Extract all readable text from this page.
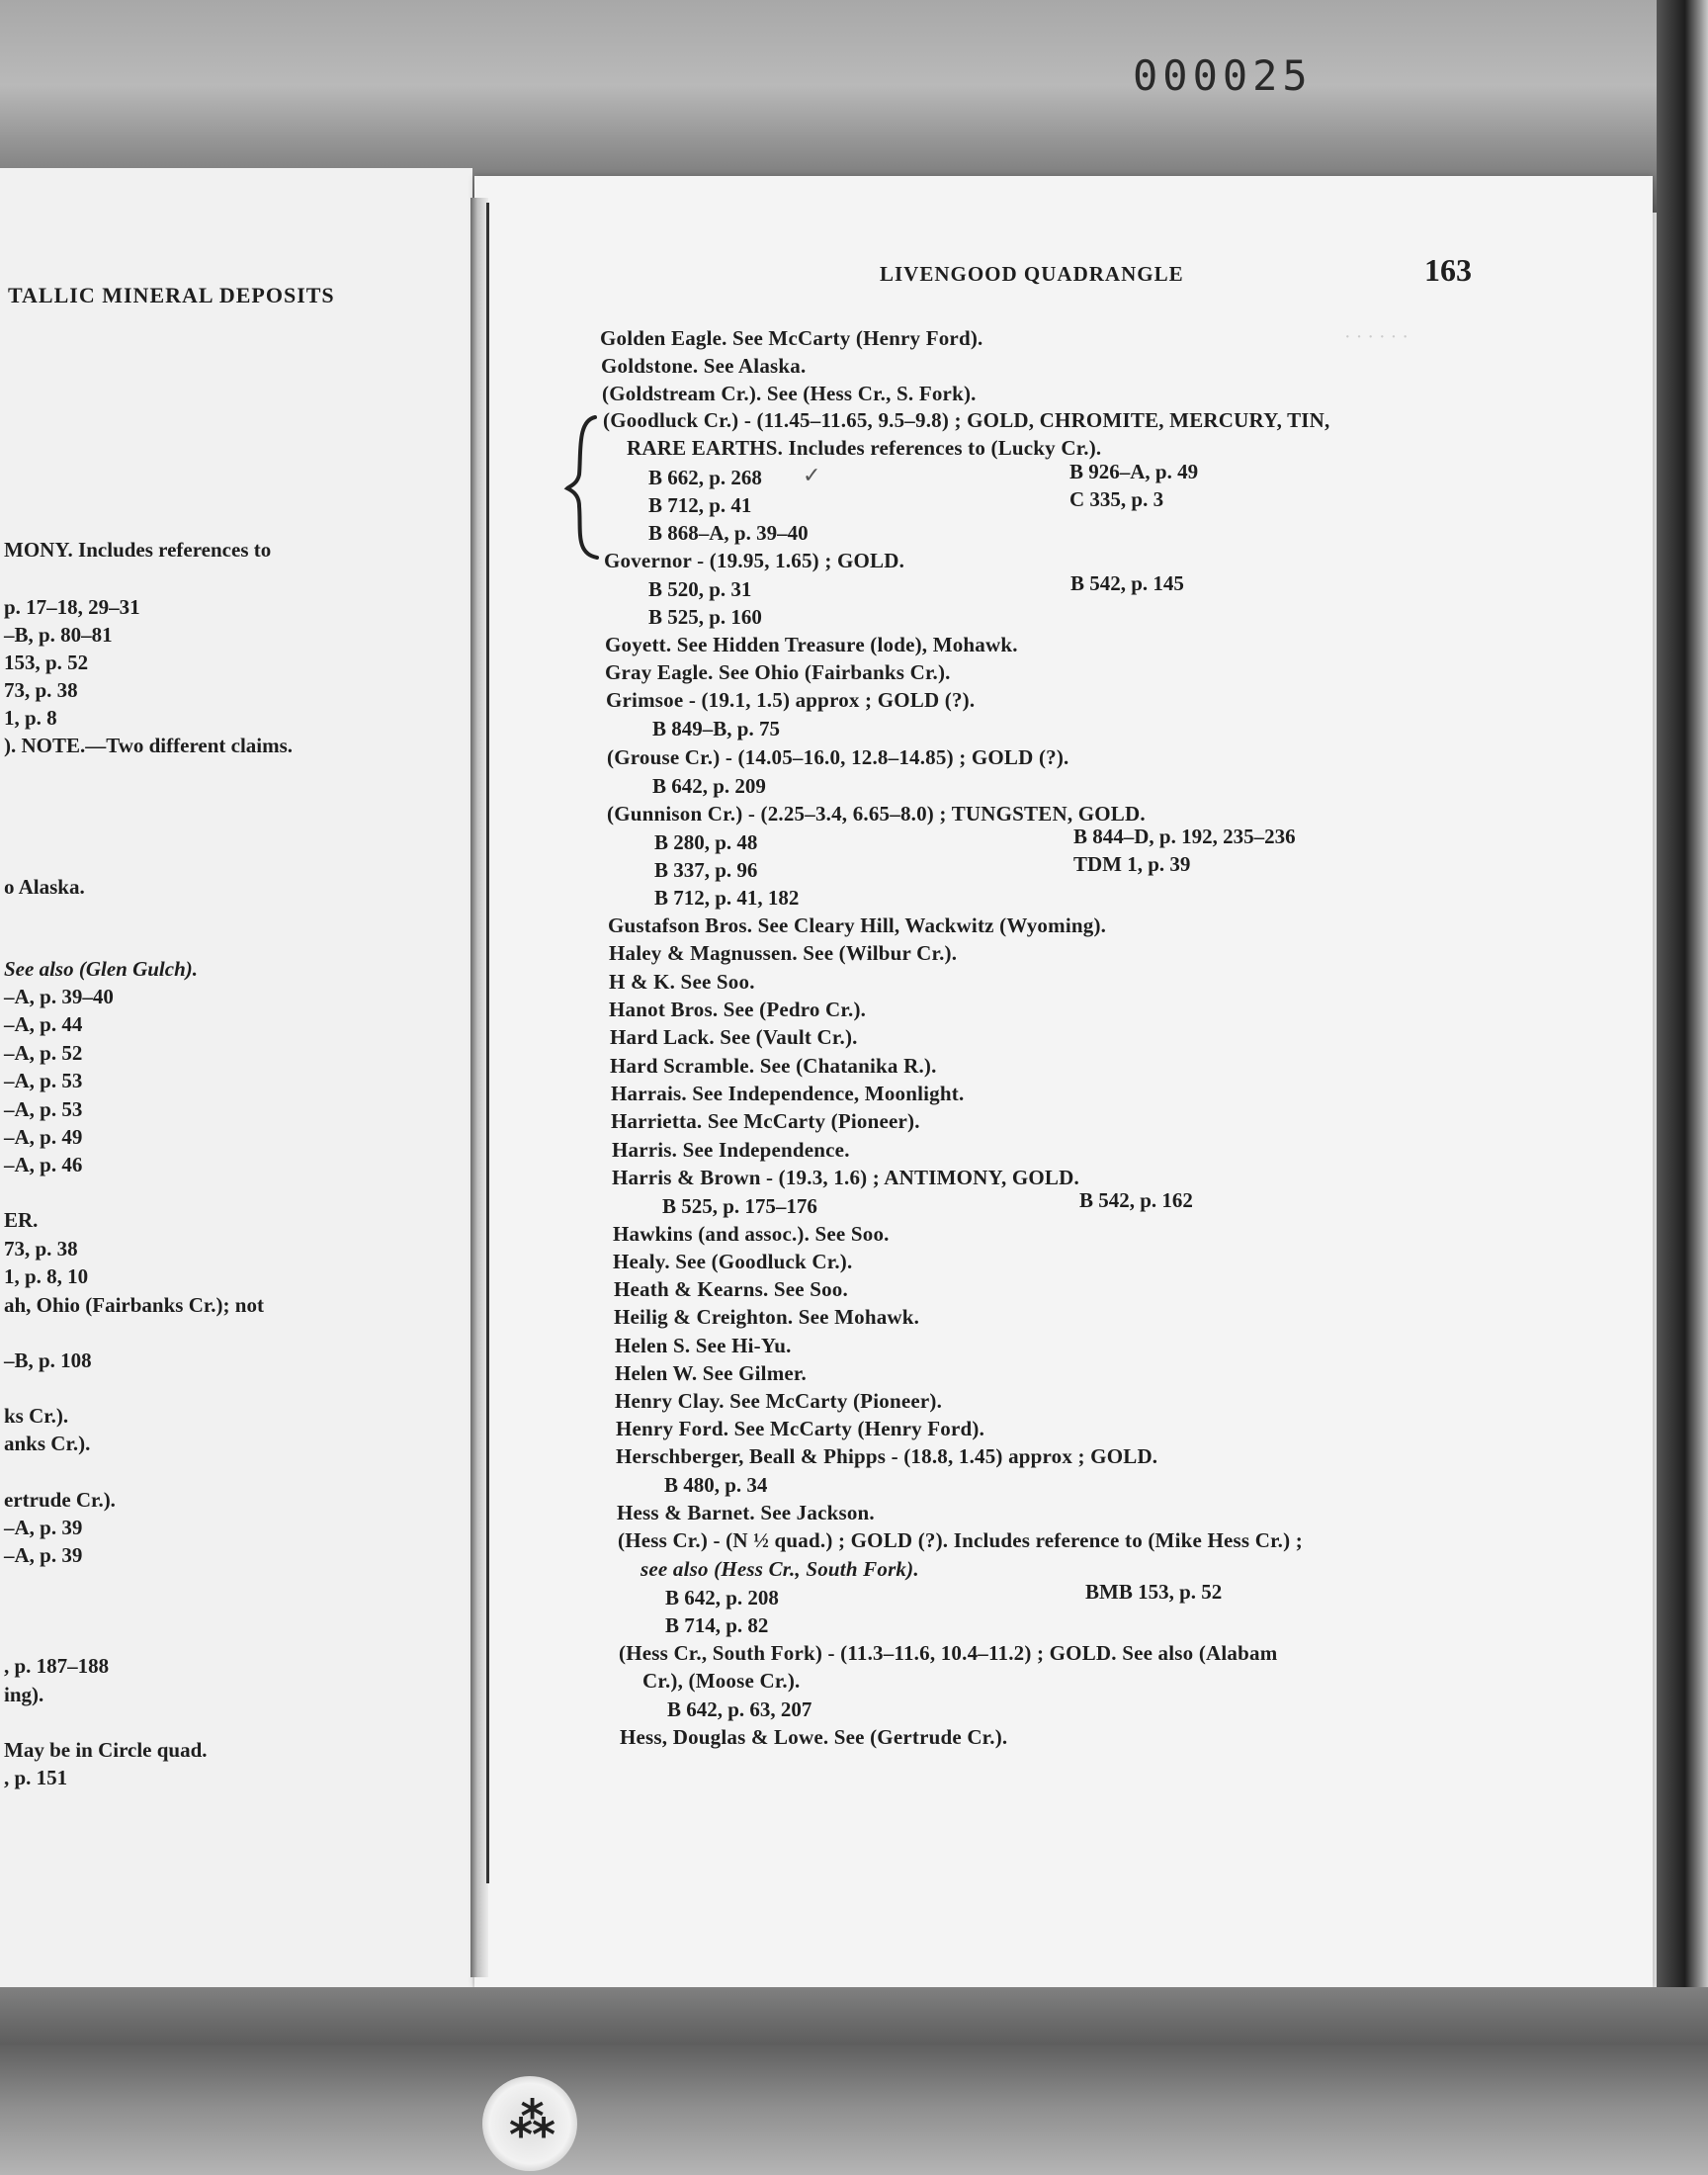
000025
· · · · · ·
TALLIC MINERAL DEPOSITS
MONY. Includes references to
p. 17–18, 29–31
–B, p. 80–81
153, p. 52
73, p. 38
1, p. 8
). NOTE.—Two different claims.
o Alaska.
See also (Glen Gulch).
–A, p. 39–40
–A, p. 44
–A, p. 52
–A, p. 53
–A, p. 53
–A, p. 49
–A, p. 46
ER.
73, p. 38
1, p. 8, 10
ah, Ohio (Fairbanks Cr.); not
–B, p. 108
ks Cr.).
anks Cr.).
ertrude Cr.).
–A, p. 39
–A, p. 39
, p. 187–188
ing).
May be in Circle quad.
, p. 151
LIVENGOOD QUADRANGLE	163
✓
Golden Eagle. See McCarty (Henry Ford).
Goldstone. See Alaska.
(Goldstream Cr.). See (Hess Cr., S. Fork).
(Goodluck Cr.) - (11.45–11.65, 9.5–9.8) ; GOLD, CHROMITE, MERCURY, TIN,
RARE EARTHS. Includes references to (Lucky Cr.).
B 662, p. 268	B 926–A, p. 49
B 712, p. 41	C 335, p. 3
B 868–A, p. 39–40
Governor - (19.95, 1.65) ; GOLD.
B 520, p. 31	B 542, p. 145
B 525, p. 160
Goyett. See Hidden Treasure (lode), Mohawk.
Gray Eagle. See Ohio (Fairbanks Cr.).
Grimsoe - (19.1, 1.5) approx ; GOLD (?).
B 849–B, p. 75
(Grouse Cr.) - (14.05–16.0, 12.8–14.85) ; GOLD (?).
B 642, p. 209
(Gunnison Cr.) - (2.25–3.4, 6.65–8.0) ; TUNGSTEN, GOLD.
B 280, p. 48	B 844–D, p. 192, 235–236
B 337, p. 96	TDM 1, p. 39
B 712, p. 41, 182
Gustafson Bros. See Cleary Hill, Wackwitz (Wyoming).
Haley & Magnussen. See (Wilbur Cr.).
H & K. See Soo.
Hanot Bros. See (Pedro Cr.).
Hard Lack. See (Vault Cr.).
Hard Scramble. See (Chatanika R.).
Harrais. See Independence, Moonlight.
Harrietta. See McCarty (Pioneer).
Harris. See Independence.
Harris & Brown - (19.3, 1.6) ; ANTIMONY, GOLD.
B 525, p. 175–176	B 542, p. 162
Hawkins (and assoc.). See Soo.
Healy. See (Goodluck Cr.).
Heath & Kearns. See Soo.
Heilig & Creighton. See Mohawk.
Helen S. See Hi-Yu.
Helen W. See Gilmer.
Henry Clay. See McCarty (Pioneer).
Henry Ford. See McCarty (Henry Ford).
Herschberger, Beall & Phipps - (18.8, 1.45) approx ; GOLD.
B 480, p. 34
Hess & Barnet. See Jackson.
(Hess Cr.) - (N ½ quad.) ; GOLD (?). Includes reference to (Mike Hess Cr.) ;
see also (Hess Cr., South Fork).
B 642, p. 208	BMB 153, p. 52
B 714, p. 82
(Hess Cr., South Fork) - (11.3–11.6, 10.4–11.2) ; GOLD. See also (Alabam
Cr.), (Moose Cr.).
B 642, p. 63, 207
Hess, Douglas & Lowe. See (Gertrude Cr.).
⁂
